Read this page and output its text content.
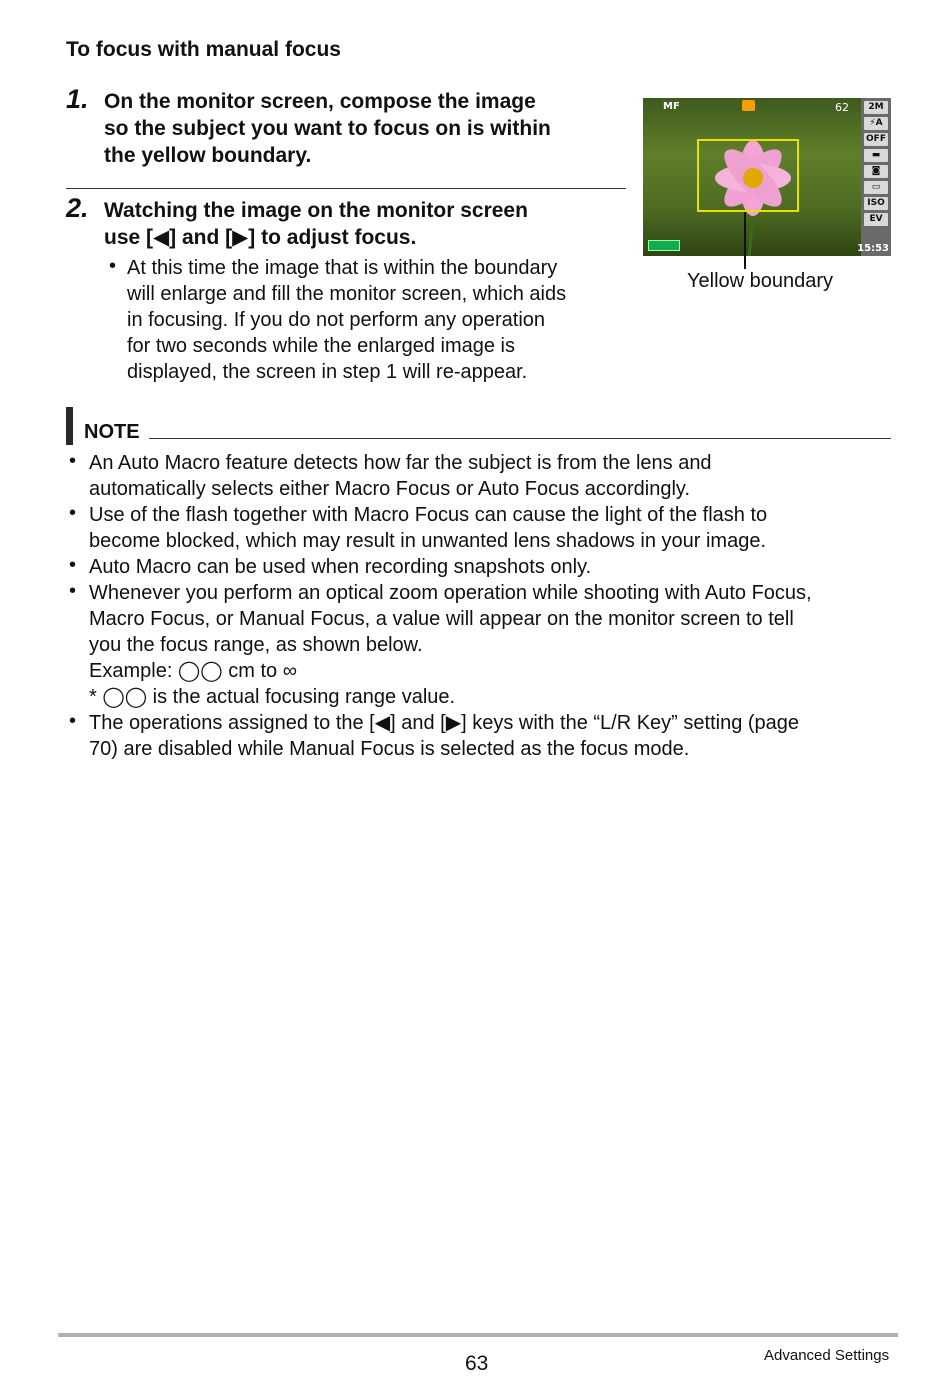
To focus with manual focus
1. On the monitor screen, compose the image
so the subject you want to focus on is within
the yellow boundary.
2. Watching the image on the monitor screen
use [◀] and [▶] to adjust focus.
• At this time the image that is within the boundary
will enlarge and fill the monitor screen, which aids
in focusing. If you do not perform any operation
for two seconds while the enlarged image is
displayed, the screen in step 1 will re-appear.
MF	62	2M
⚡A
OFF
▬
◙
▭
ISO
EV
15:53
Yellow boundary
NOTE
• An Auto Macro feature detects how far the subject is from the lens and
automatically selects either Macro Focus or Auto Focus accordingly.
• Use of the flash together with Macro Focus can cause the light of the flash to
become blocked, which may result in unwanted lens shadows in your image.
• Auto Macro can be used when recording snapshots only.
• Whenever you perform an optical zoom operation while shooting with Auto Focus,
Macro Focus, or Manual Focus, a value will appear on the monitor screen to tell
you the focus range, as shown below.
Example: ◯◯ cm to ∞
* ◯◯ is the actual focusing range value.
• The operations assigned to the [◀] and [▶] keys with the “L/R Key” setting (page
70) are disabled while Manual Focus is selected as the focus mode.
63	Advanced Settings
